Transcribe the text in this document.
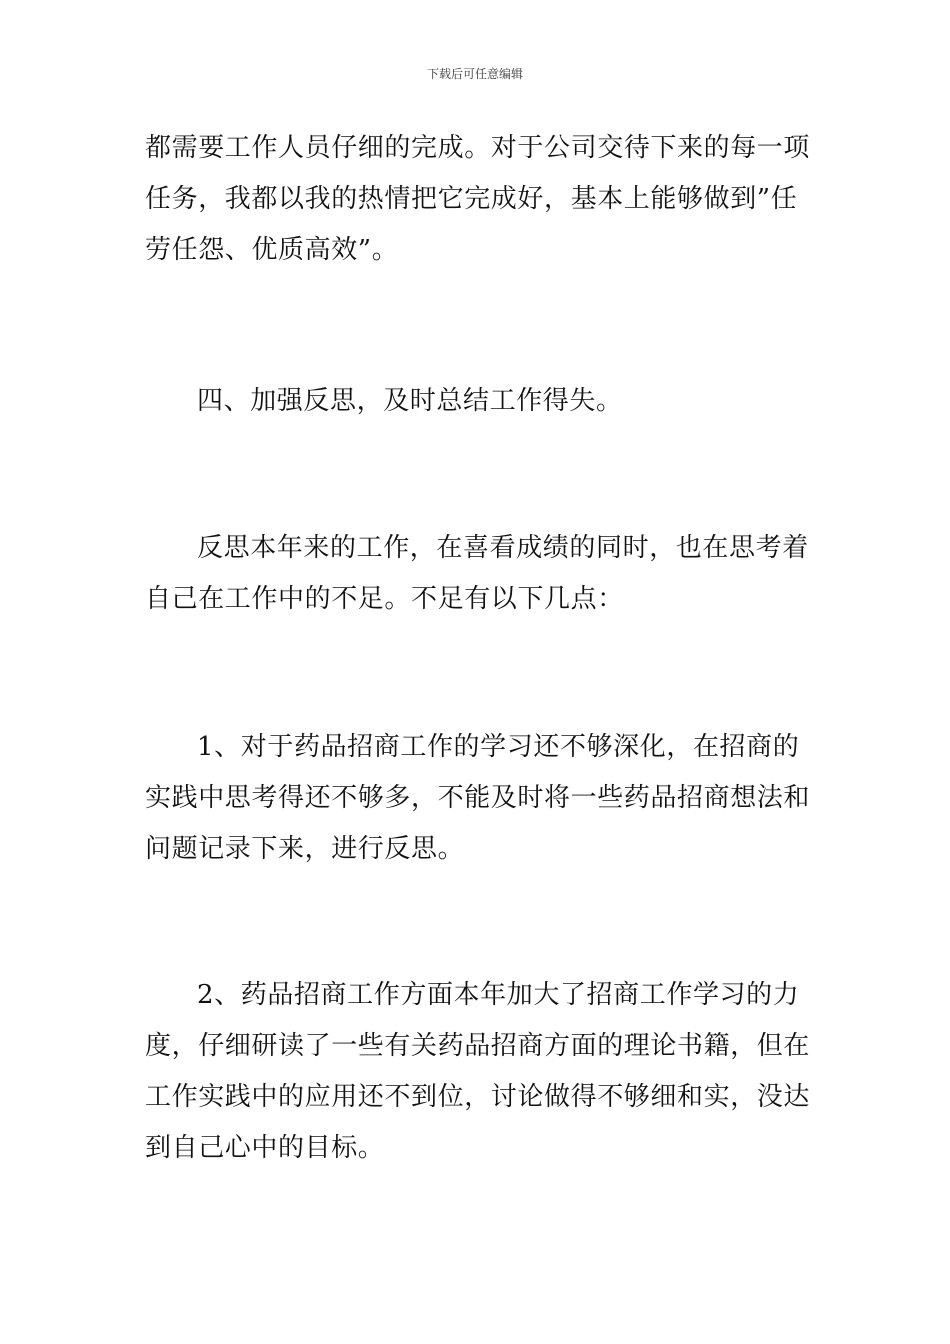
下载后可任意编辑

都需要工作人员仔细的完成。对于公司交待下来的每一项任务，我都以我的热情把它完成好，基本上能够做到”任劳任怨、优质高效”。

四、加强反思，及时总结工作得失。

反思本年来的工作，在喜看成绩的同时，也在思考着自己在工作中的不足。不足有以下几点：

1、对于药品招商工作的学习还不够深化，在招商的实践中思考得还不够多，不能及时将一些药品招商想法和问题记录下来，进行反思。

2、药品招商工作方面本年加大了招商工作学习的力度，仔细研读了一些有关药品招商方面的理论书籍，但在工作实践中的应用还不到位，讨论做得不够细和实，没达到自己心中的目标。
